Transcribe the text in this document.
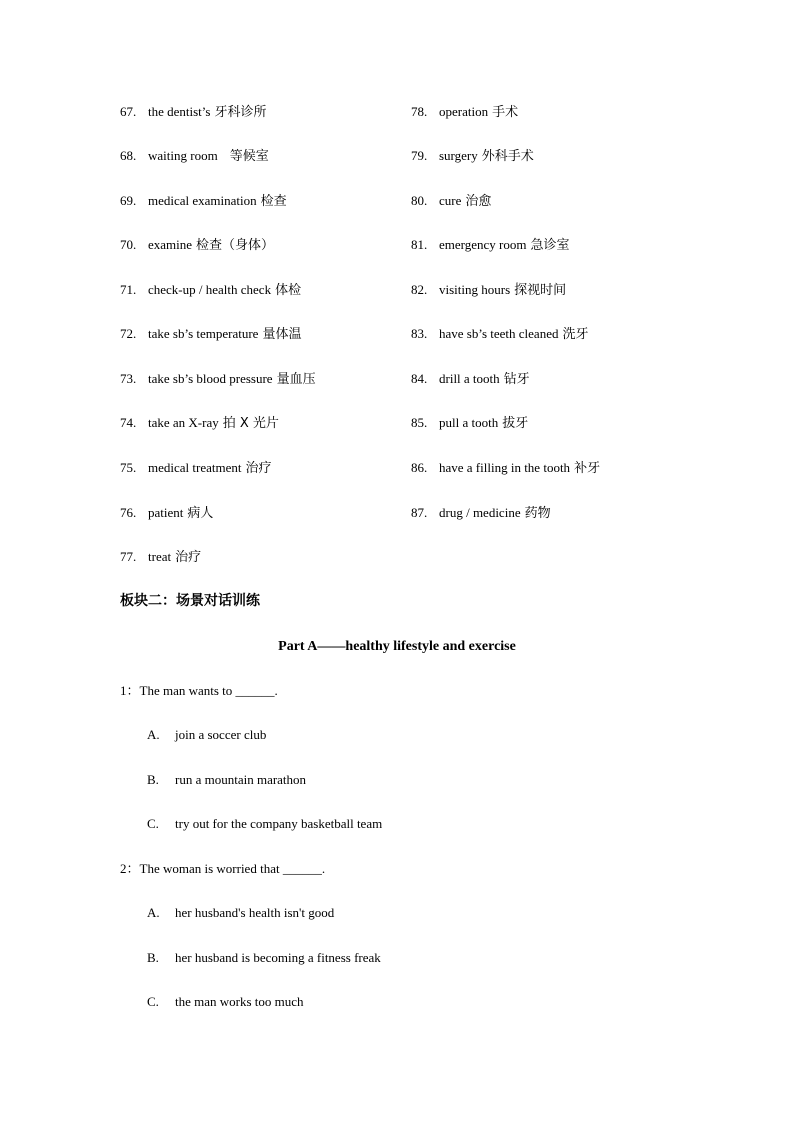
67. the dentist’s 牙科诊所	78. operation 手术
68. waiting room 等候室	79. surgery 外科手术
69. medical examination 检查	80. cure 治愈
70. examine 检查（身体）	81. emergency room 急诊室
71. check-up / health check 体检	82. visiting hours 探视时间
72. take sb’s temperature 量体温	83. have sb’s teeth cleaned 洗牙
73. take sb’s blood pressure 量血压	84. drill a tooth 钻牙
74. take an X-ray 拍 X 光片	85. pull a tooth 拔牙
75. medical treatment 治疗	86. have a filling in the tooth 补牙
76. patient 病人	87. drug / medicine 药物
77. treat 治疗
板块二：场景对话训练
Part A——healthy lifestyle and exercise
1：The man wants to ______.
A. join a soccer club
B. run a mountain marathon
C. try out for the company basketball team
2：The woman is worried that ______.
A. her husband's health isn't good
B. her husband is becoming a fitness freak
C. the man works too much
